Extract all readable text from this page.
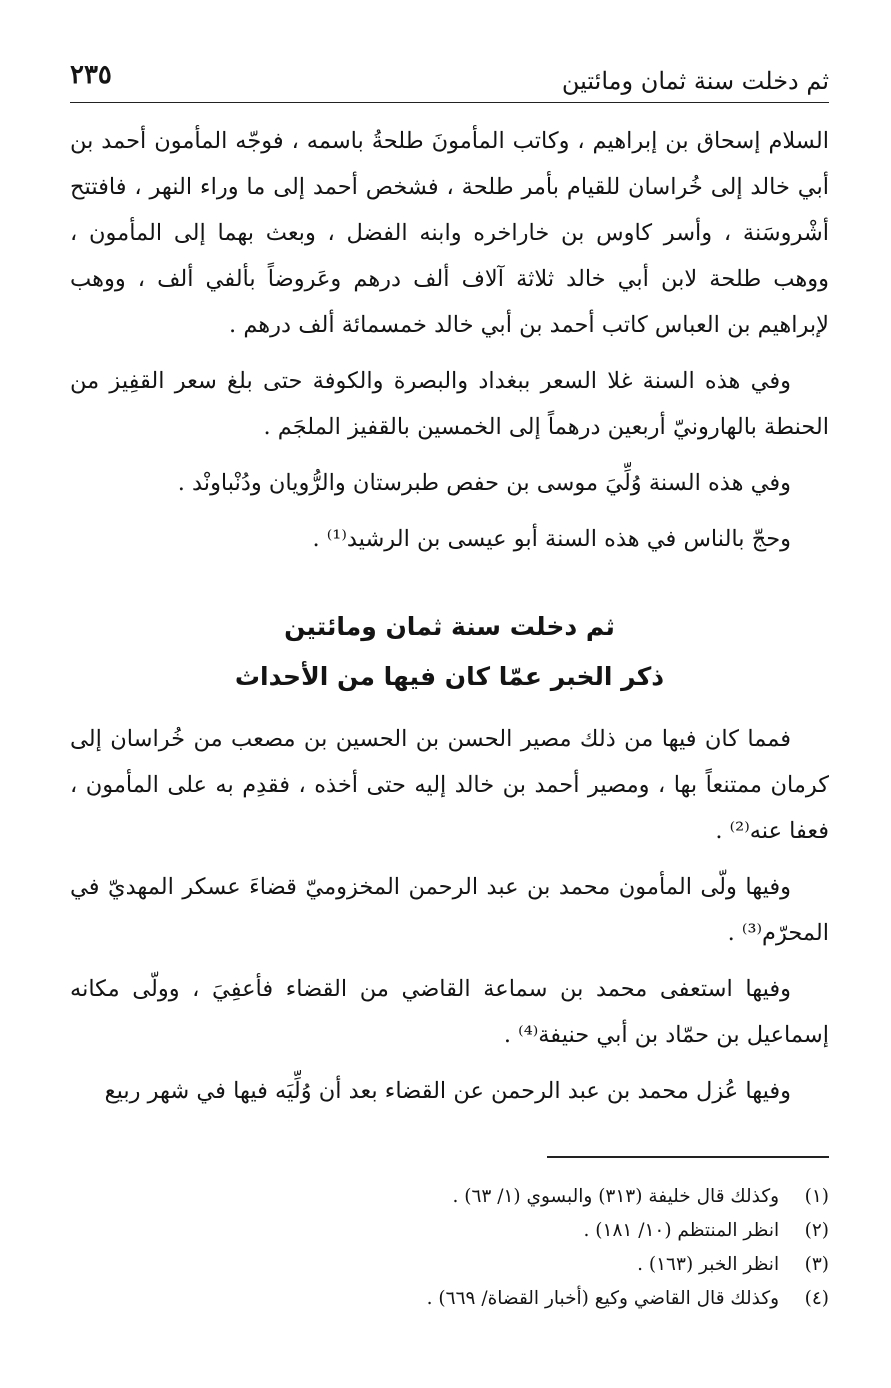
ثم دخلت سنة ثمان ومائتين
٢٣٥

السلام إسحاق بن إبراهيم ، وكاتب المأمونَ طلحةُ باسمه ، فوجّه المأمون أحمد بن أبي خالد إلى خُراسان للقيام بأمر طلحة ، فشخص أحمد إلى ما وراء النهر ، فافتتح أشْروسَنة ، وأسر كاوس بن خاراخره وابنه الفضل ، وبعث بهما إلى المأمون ، ووهب طلحة لابن أبي خالد ثلاثة آلاف ألف درهم وعَروضاً بألفي ألف ، ووهب لإبراهيم بن العباس كاتب أحمد بن أبي خالد خمسمائة ألف درهم .

وفي هذه السنة غلا السعر ببغداد والبصرة والكوفة حتى بلغ سعر القفِيز من الحنطة بالهارونيّ أربعين درهماً إلى الخمسين بالقفيز الملجَم .

وفي هذه السنة وُلِّيَ موسى بن حفص طبرستان والرُّويان ودُنْباونْد .

وحجّ بالناس في هذه السنة أبو عيسى بن الرشيد⁽¹⁾ .

ثم دخلت سنة ثمان ومائتين
ذكر الخبر عمّا كان فيها من الأحداث

فمما كان فيها من ذلك مصير الحسن بن الحسين بن مصعب من خُراسان إلى كرمان ممتنعاً بها ، ومصير أحمد بن خالد إليه حتى أخذه ، فقدِم به على المأمون ، فعفا عنه⁽²⁾ .

وفيها ولّى المأمون محمد بن عبد الرحمن المخزوميّ قضاءَ عسكر المهديّ في المحرّم⁽³⁾ .

وفيها استعفى محمد بن سماعة القاضي من القضاء فأعفِيَ ، وولّى مكانه إسماعيل بن حمّاد بن أبي حنيفة⁽⁴⁾ .

وفيها عُزل محمد بن عبد الرحمن عن القضاء بعد أن وُلِّيَه فيها في شهر ربيع

(١) وكذلك قال خليفة (٣١٣) والبسوي (١/ ٦٣) .
(٢) انظر المنتظم (١٠/ ١٨١) .
(٣) انظر الخبر (١٦٣) .
(٤) وكذلك قال القاضي وكيع (أخبار القضاة/ ٦٦٩) .
